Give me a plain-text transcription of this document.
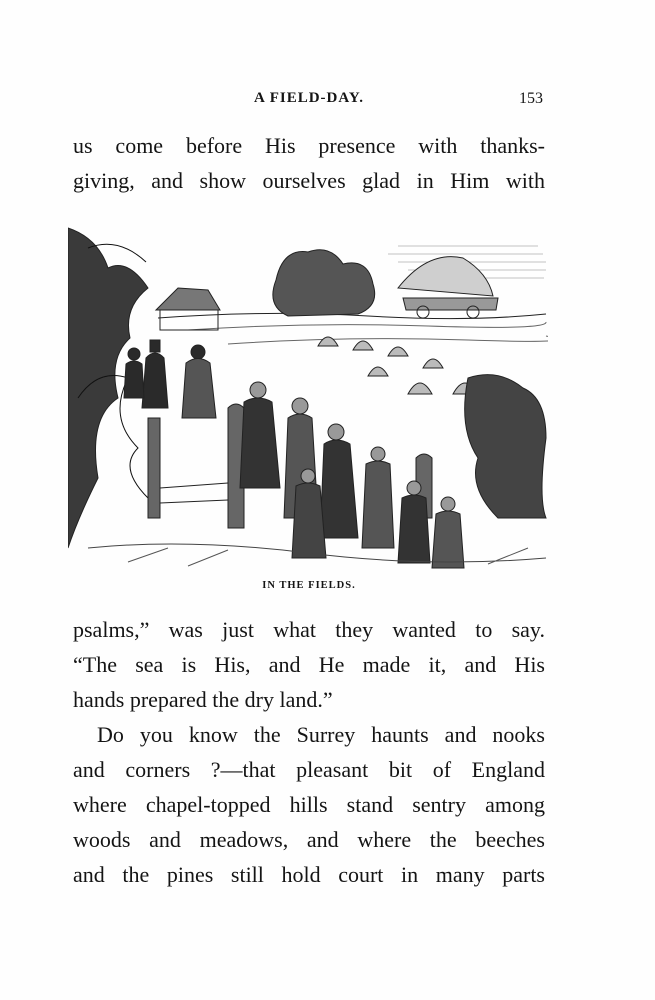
A FIELD-DAY.	153
us come before His presence with thanks-
giving, and show ourselves glad in Him with
IN THE FIELDS.
psalms,” was just what they wanted to say.
“The sea is His, and He made it, and His
hands prepared the dry land.”
Do you know the Surrey haunts and nooks
and corners ?—that pleasant bit of England
where chapel-topped hills stand sentry among
woods and meadows, and where the beeches
and the pines still hold court in many parts
